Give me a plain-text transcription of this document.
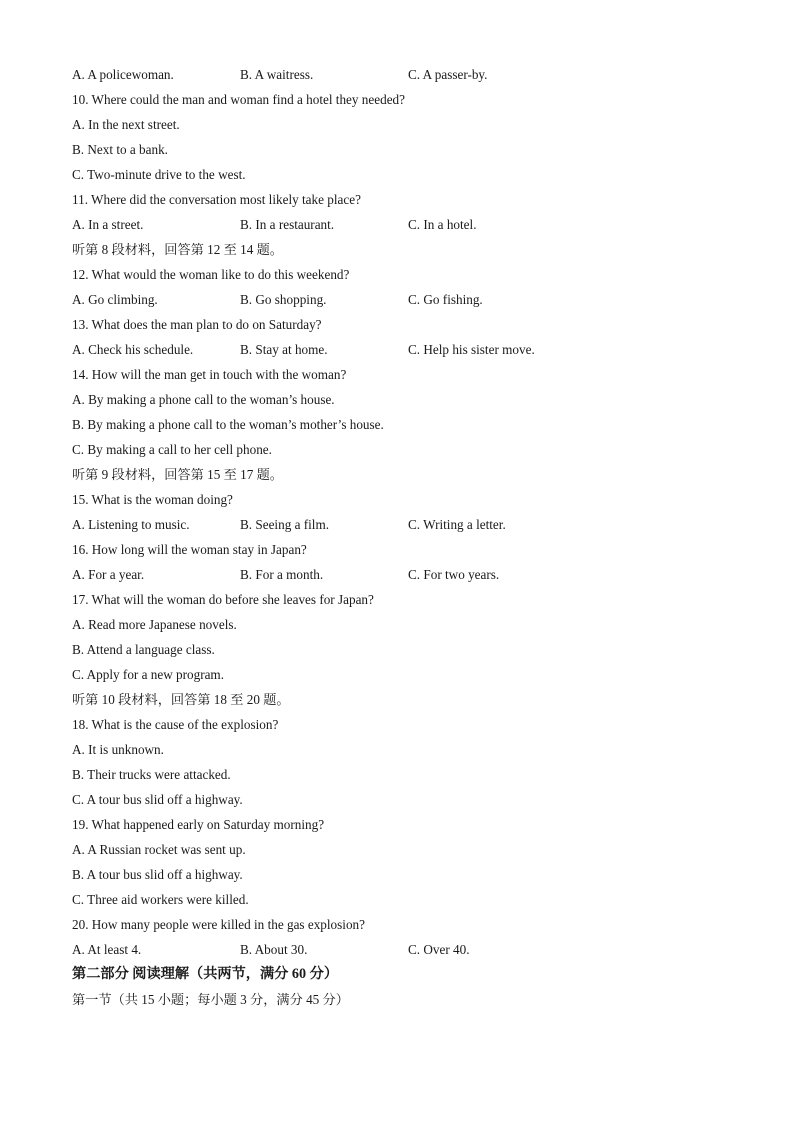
A. A policewoman.	B. A waitress.	C. A passer-by.
10. Where could the man and woman find a hotel they needed?
A. In the next street.
B. Next to a bank.
C. Two-minute drive to the west.
11. Where did the conversation most likely take place?
A. In a street.	B. In a restaurant.	C. In a hotel.
听第 8 段材料，回答第 12 至 14 题。
12. What would the woman like to do this weekend?
A. Go climbing.	B. Go shopping.	C. Go fishing.
13. What does the man plan to do on Saturday?
A. Check his schedule.	B. Stay at home.	C. Help his sister move.
14. How will the man get in touch with the woman?
A. By making a phone call to the woman’s house.
B. By making a phone call to the woman’s mother’s house.
C. By making a call to her cell phone.
听第 9 段材料，回答第 15 至 17 题。
15. What is the woman doing?
A. Listening to music.	B. Seeing a film.	C. Writing a letter.
16. How long will the woman stay in Japan?
A. For a year.	B. For a month.	C. For two years.
17. What will the woman do before she leaves for Japan?
A. Read more Japanese novels.
B. Attend a language class.
C. Apply for a new program.
听第 10 段材料，回答第 18 至 20 题。
18. What is the cause of the explosion?
A. It is unknown.
B. Their trucks were attacked.
C. A tour bus slid off a highway.
19. What happened early on Saturday morning?
A. A Russian rocket was sent up.
B. A tour bus slid off a highway.
C. Three aid workers were killed.
20. How many people were killed in the gas explosion?
A. At least 4.	B. About 30.	C. Over 40.
第二部分 阅读理解（共两节，满分 60 分）
第一节（共 15 小题；每小题 3 分，满分 45 分）
